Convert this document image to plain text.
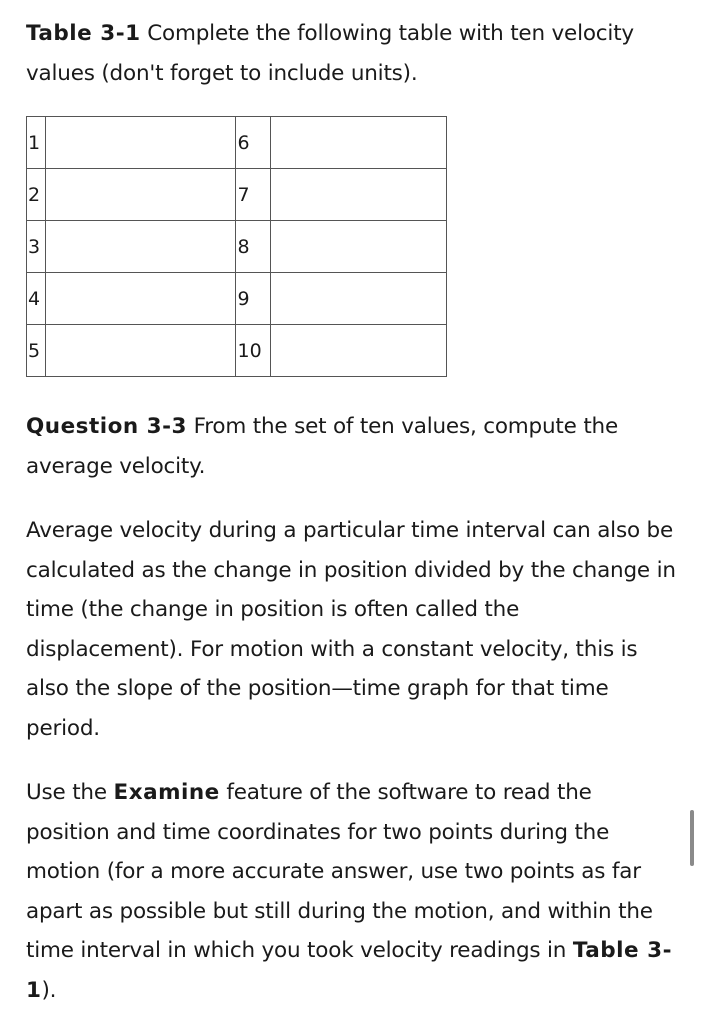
Table 3-1 Complete the following table with ten velocity values (don't forget to include units).

1		6	
2		7	
3		8	
4		9	
5		10	

Question 3-3 From the set of ten values, compute the average velocity.

Average velocity during a particular time interval can also be calculated as the change in position divided by the change in time (the change in position is often called the displacement). For motion with a constant velocity, this is also the slope of the position—time graph for that time period.

Use the Examine feature of the software to read the position and time coordinates for two points during the motion (for a more accurate answer, use two points as far apart as possible but still during the motion, and within the time interval in which you took velocity readings in Table 3-1).
